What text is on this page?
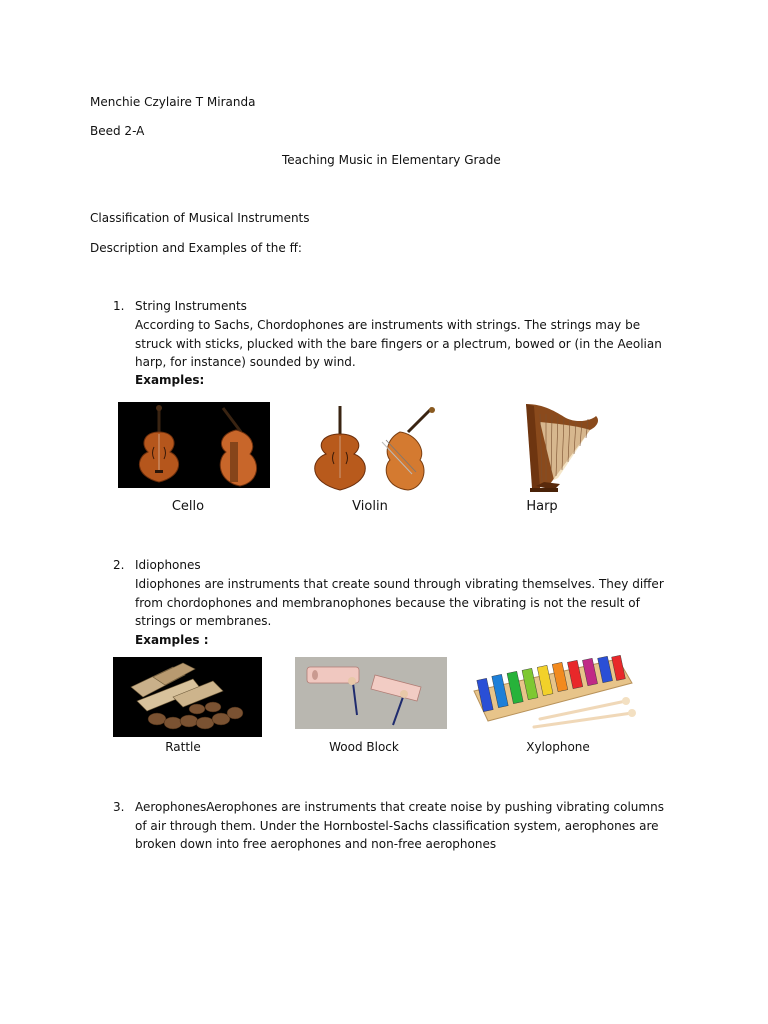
Menchie Czylaire T Miranda
Beed 2-A
Teaching Music in Elementary Grade
Classification of Musical Instruments
Description and Examples of the ff:
1. String Instruments
According to Sachs, Chordophones are instruments with strings. The strings may be struck with sticks, plucked with the bare fingers or a plectrum, bowed or (in the Aeolian harp, for instance) sounded by wind.
Examples:
Cello	Violin	Harp
2. Idiophones
Idiophones are instruments that create sound through vibrating themselves. They differ from chordophones and membranophones because the vibrating is not the result of strings or membranes.
Examples :
Rattle	Wood Block	Xylophone
3. AerophonesAerophones are instruments that create noise by pushing vibrating columns of air through them. Under the Hornbostel-Sachs classification system, aerophones are broken down into free aerophones and non-free aerophones
